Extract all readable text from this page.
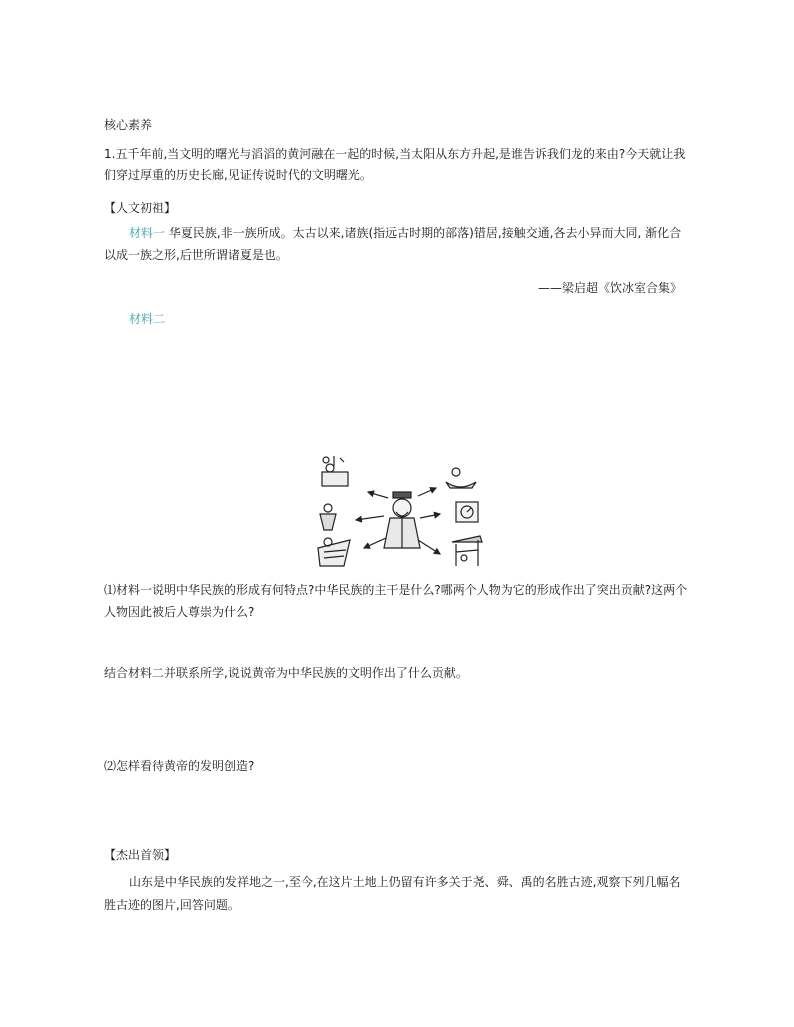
核心素养
1.五千年前,当文明的曙光与滔滔的黄河融在一起的时候,当太阳从东方升起,是谁告诉我们龙的来由?今天就让我
们穿过厚重的历史长廊,见证传说时代的文明曙光。
【人文初祖】
材料一 华夏民族,非一族所成。太古以来,诸族(指远古时期的部落)错居,接触交通,各去小异而大同, 渐化合
以成一族之形,后世所谓诸夏是也。
——梁启超《饮冰室合集》
材料二
⑴材料一说明中华民族的形成有何特点?中华民族的主干是什么?哪两个人物为它的形成作出了突出贡献?这两个
人物因此被后人尊崇为什么?
结合材料二并联系所学,说说黄帝为中华民族的文明作出了什么贡献。
⑵怎样看待黄帝的发明创造?
【杰出首领】
山东是中华民族的发祥地之一,至今,在这片土地上仍留有许多关于尧、舜、禹的名胜古迹,观察下列几幅名
胜古迹的图片,回答问题。
